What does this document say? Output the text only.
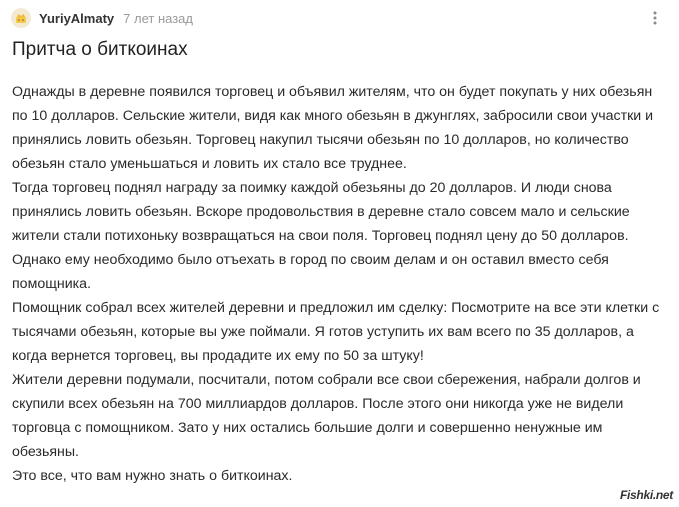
YuriyAlmaty 7 лет назад
Притча о биткоинах

Однажды в деревне появился торговец и объявил жителям, что он будет покупать у них обезьян по 10 долларов. Сельские жители, видя как много обезьян в джунглях, забросили свои участки и принялись ловить обезьян. Торговец накупил тысячи обезьян по 10 долларов, но количество обезьян стало уменьшаться и ловить их стало все труднее.

Тогда торговец поднял награду за поимку каждой обезьяны до 20 долларов. И люди снова принялись ловить обезьян. Вскоре продовольствия в деревне стало совсем мало и сельские жители стали потихоньку возвращаться на свои поля. Торговец поднял цену до 50 долларов. Однако ему необходимо было отъехать в город по своим делам и он оставил вместо себя помощника.

Помощник собрал всех жителей деревни и предложил им сделку: Посмотрите на все эти клетки с тысячами обезьян, которые вы уже поймали. Я готов уступить их вам всего по 35 долларов, а когда вернется торговец, вы продадите их ему по 50 за штуку!

Жители деревни подумали, посчитали, потом собрали все свои сбережения, набрали долгов и скупили всех обезьян на 700 миллиардов долларов. После этого они никогда уже не видели торговца с помощником. Зато у них остались большие долги и совершенно ненужные им обезьяны.

Это все, что вам нужно знать о биткоинах.

Fishki.net
